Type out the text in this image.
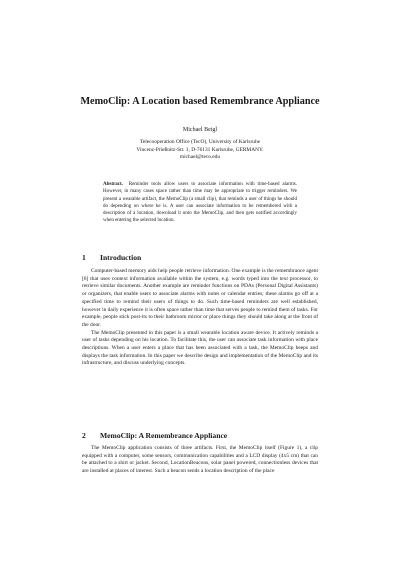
MemoClip: A Location based Remembrance Appliance
Michael Beigl
Telecooperation Office (TecO), University of Karlsruhe
Vincenz-Prießnitz-Str. 1, D-76131 Karlsruhe, GERMANY.
michael@teco.edu
Abstract. Reminder tools allow users to associate information with time-based alarms. However, in many cases space rather than time may be appropriate to trigger reminders. We present a wearable artifact, the MemoClip (a small clip), that reminds a user of things he should do depending on where he is. A user can associate information to be remembered with a description of a location, download it onto the MemoClip, and then gets notified accordingly when entering the selected location.
1 Introduction

Computer-based memory aids help people retrieve information. One example is the remembrance agent [6] that uses context information available within the system, e.g. words typed into the text processor, to retrieve similar documents. Another example are reminder functions on PDAs (Personal Digital Assistants) or organizers, that enable users to associate alarms with notes or calendar entries; these alarms go off at a specified time to remind their users of things to do. Such time-based reminders are well established, however in daily experience it is often space rather than time that serves people to remind them of tasks. For example, people stick post-its to their bathroom mirror or place things they should take along at the front of the door.

The MemoClip presented in this paper is a small wearable location aware device. It actively reminds a user of tasks depending on his location. To facilitate this, the user can associate task information with place descriptions. When a user enters a place that has been associated with a task, the MemoClip beeps and displays the task information. In this paper we describe design and implementation of the MemoClip and its infrastructure, and discuss underlying concepts.

2 MemoClip: A Remembrance Appliance

The MemoClip application consists of three artifacts. First, the MemoClip itself (Figure 1), a clip equipped with a computer, some sensors, communication capabilities and a LCD display (4x5 cm) that can be attached to a shirt or jacket. Second, LocationBeacons, solar panel powered, connectionless devices that are installed at places of interest. Such a beacon sends a location description of the place
